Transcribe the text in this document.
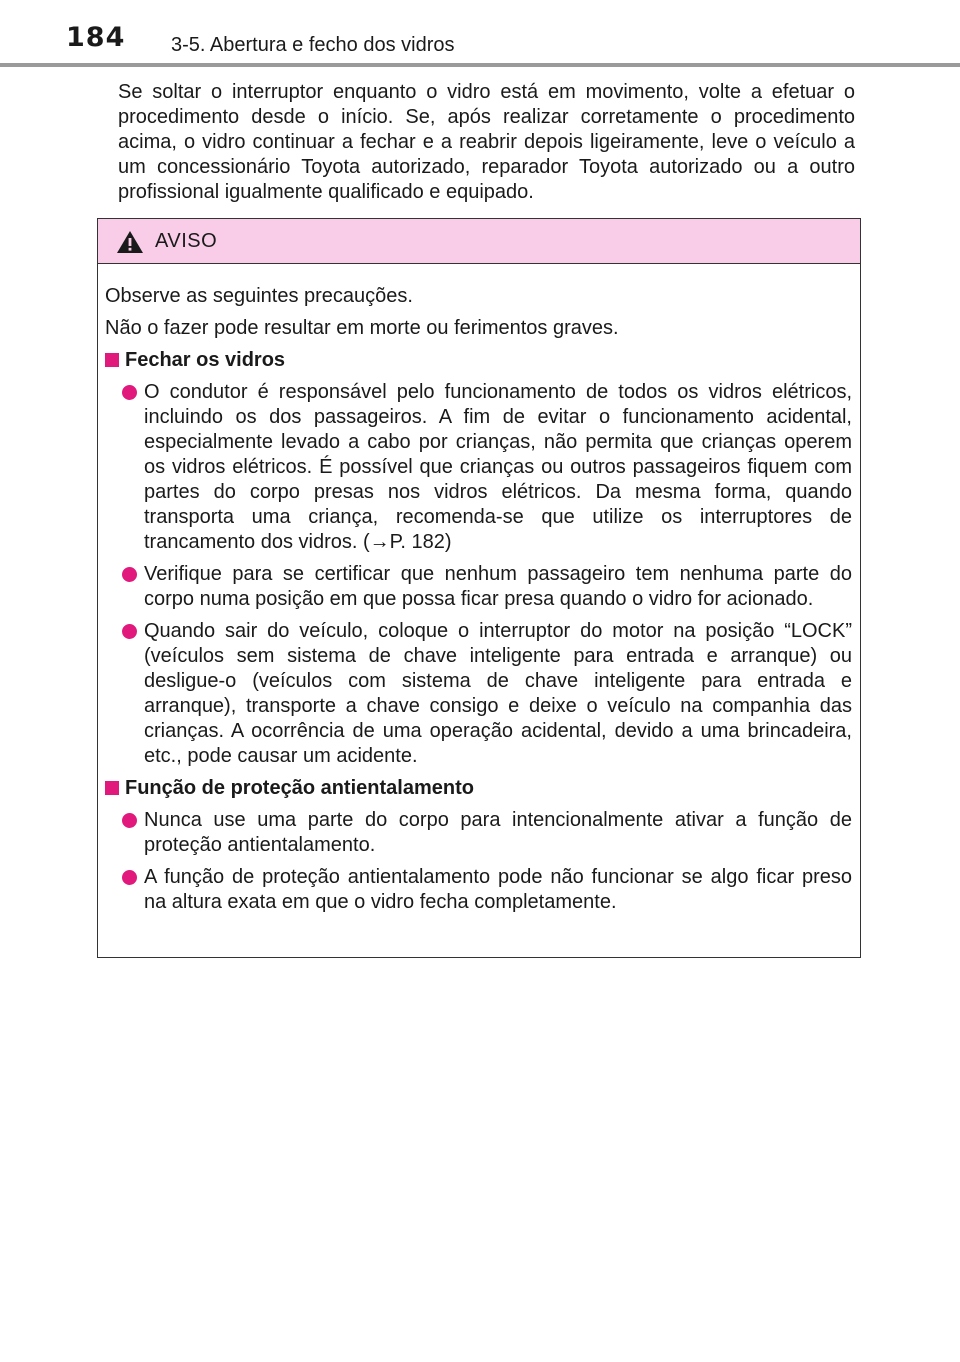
184 3-5. Abertura e fecho dos vidros

Se soltar o interruptor enquanto o vidro está em movimento, volte a efetuar o procedimento desde o início. Se, após realizar corretamente o procedimento acima, o vidro continuar a fechar e a reabrir depois ligeiramente, leve o veículo a um concessionário Toyota autorizado, reparador Toyota autorizado ou a outro profissional igualmente qualificado e equipado.

AVISO

Observe as seguintes precauções.

Não o fazer pode resultar em morte ou ferimentos graves.

Fechar os vidros
O condutor é responsável pelo funcionamento de todos os vidros elétricos, incluindo os dos passageiros. A fim de evitar o funcionamento acidental, especialmente levado a cabo por crianças, não permita que crianças operem os vidros elétricos. É possível que crianças ou outros passageiros fiquem com partes do corpo presas nos vidros elétricos. Da mesma forma, quando transporta uma criança, recomenda-se que utilize os interruptores de trancamento dos vidros. (→P. 182)
Verifique para se certificar que nenhum passageiro tem nenhuma parte do corpo numa posição em que possa ficar presa quando o vidro for acionado.
Quando sair do veículo, coloque o interruptor do motor na posição “LOCK” (veículos sem sistema de chave inteligente para entrada e arranque) ou desligue-o (veículos com sistema de chave inteligente para entrada e arranque), transporte a chave consigo e deixe o veículo na companhia das crianças. A ocorrência de uma operação acidental, devido a uma brincadeira, etc., pode causar um acidente.
Função de proteção antientalamento
Nunca use uma parte do corpo para intencionalmente ativar a função de proteção antientalamento.
A função de proteção antientalamento pode não funcionar se algo ficar preso na altura exata em que o vidro fecha completamente.
